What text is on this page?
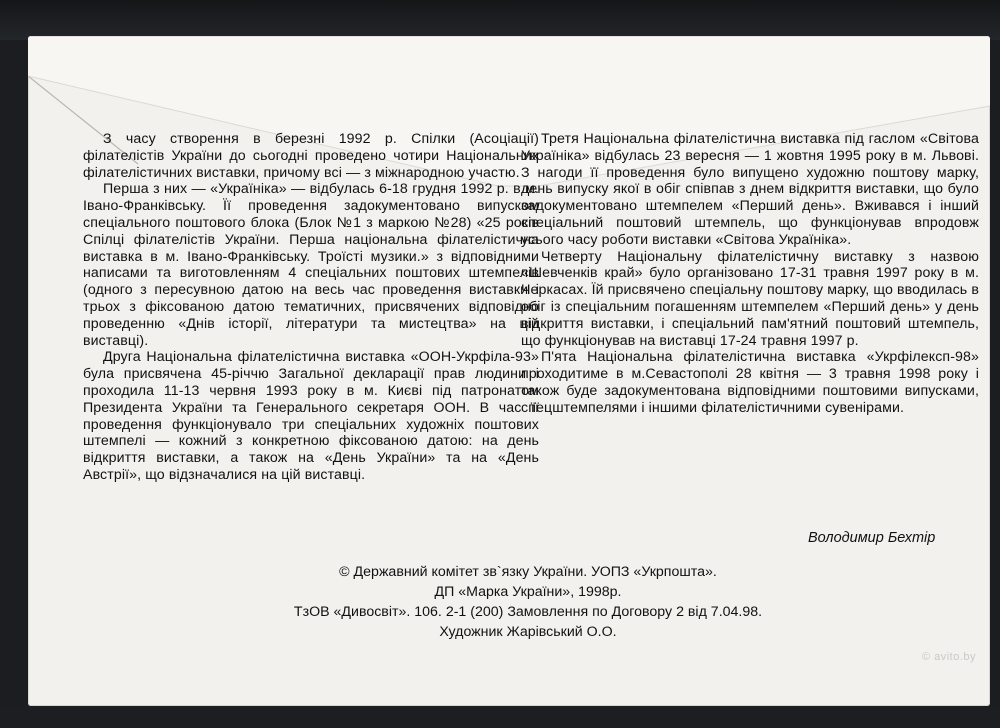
З часу створення в березні 1992 р. Спілки (Асоціації) філателістів України до сьогодні проведено чотири Національних філателістичних виставки, причому всі — з міжнародною участю.

Перша з них — «Українiка» — вiдбулась 6-18 грудня 1992 р. в м. Івано-Франківську. Її проведення задокументовано випуском спеціального поштового блока (Блок №1 з маркою №28) «25 років Спiлцi філателістів України. Перша національна філателістична виставка в м. Івано-Франківську. Троїсті музики.» з вiдповiдними написами та виготовленням 4 спеціальних поштових штемпелів (одного з пересувною датою на весь час проведення виставки і трьох з фіксованою датою тематичних, присвячених вiдповiдно проведенню «Днів історії, літератури та мистецтва» на цій виставці).

Друга Національна філателістична виставка «ООН-Укрфiла-93» була присвячена 45-річчю Загальної декларації прав людини і проходила 11-13 червня 1993 року в м. Києві пiд патронатом Президента України та Генерального секретаря ООН. В час її проведення функціонувало три спеціальних художніх поштових штемпелі — кожний з конкретною фіксованою датою: на день вiдкриття виставки, а також на «День України» та на «День Австрії», що вiдзначалися на цій виставці.

Третя Національна філателістична виставка під гаслом «Світова Українiка» вiдбулась 23 вересня — 1 жовтня 1995 року в м. Львові. З нагоди її проведення було випущено художню поштову марку, день випуску якої в обіг співпав з днем вiдкриття виставки, що було задокументовано штемпелем «Перший день». Вживався і інший спеціальний поштовий штемпель, що функціонував впродовж усього часу роботи виставки «Світова Українiка».

Четверту Національну філателістичну виставку з назвою «Шевченків край» було організовано 17-31 травня 1997 року в м. Черкасах. Їй присвячено спеціальну поштову марку, що вводилась в обіг із спеціальним погашенням штемпелем «Перший день» у день вiдкриття виставки, і спеціальний пам'ятний поштовий штемпель, що функціонував на виставці 17-24 травня 1997 р.

П'ята Національна філателістична виставка «Укрфiлексп-98» проходитиме в м.Севастополі 28 квітня — 3 травня 1998 року і також буде задокументована вiдповiдними поштовими випусками, спецштемпелями і іншими філателістичними сувенірами.

Володимир Бехтір
© Державний комітет зв`язку України. УОПЗ «Укрпошта».
ДП «Марка України», 1998р.
ТзОВ «Дивосвіт». 106. 2-1 (200) Замовлення по Договору 2 від 7.04.98.
Художник Жарівський О.О.
© avito.by
